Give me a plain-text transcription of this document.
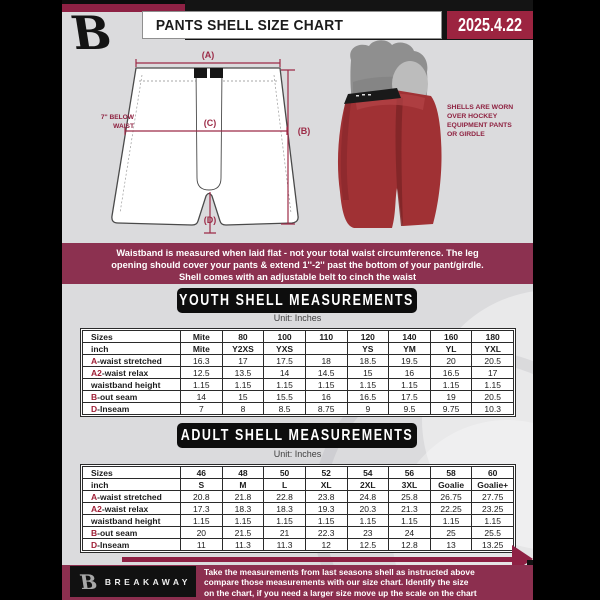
B	PANTS SHELL SIZE CHART	2025.4.22
(A)
(B)
(C)
(D)
7'' BELOW
WAIST
SHELLS ARE WORN
OVER HOCKEY
EQUIPMENT PANTS
OR GIRDLE
Waistband is measured when laid flat - not your total waist circumference. The leg
opening should cover your pants & extend 1''-2'' past the bottom of your pant/girdle.
Shell comes with an adjustable belt to cinch the waist
YOUTH SHELL MEASUREMENTS
Unit: Inches
Sizes	Mite	80	100	110	120	140	160	180
inch	Mite	Y2XS	YXS		YS	YM	YL	YXL
A-waist stretched	16.3	17	17.5	18	18.5	19.5	20	20.5
A2-waist relax	12.5	13.5	14	14.5	15	16	16.5	17
waistband height	1.15	1.15	1.15	1.15	1.15	1.15	1.15	1.15
B-out seam	14	15	15.5	16	16.5	17.5	19	20.5
D-Inseam	7	8	8.5	8.75	9	9.5	9.75	10.3
ADULT SHELL MEASUREMENTS
Unit: Inches
Sizes	46	48	50	52	54	56	58	60
inch	S	M	L	XL	2XL	3XL	Goalie	Goalie+
A-waist stretched	20.8	21.8	22.8	23.8	24.8	25.8	26.75	27.75
A2-waist relax	17.3	18.3	18.3	19.3	20.3	21.3	22.25	23.25
waistband height	1.15	1.15	1.15	1.15	1.15	1.15	1.15	1.15
B-out seam	20	21.5	21	22.3	23	24	25	25.5
D-Inseam	11	11.3	11.3	12	12.5	12.8	13	13.25
B BREAKAWAY
Take the measurements from last seasons shell as instructed above
compare those measurements with our size chart. Identify the size
on the chart, if you need a larger size move up the scale on the chart
